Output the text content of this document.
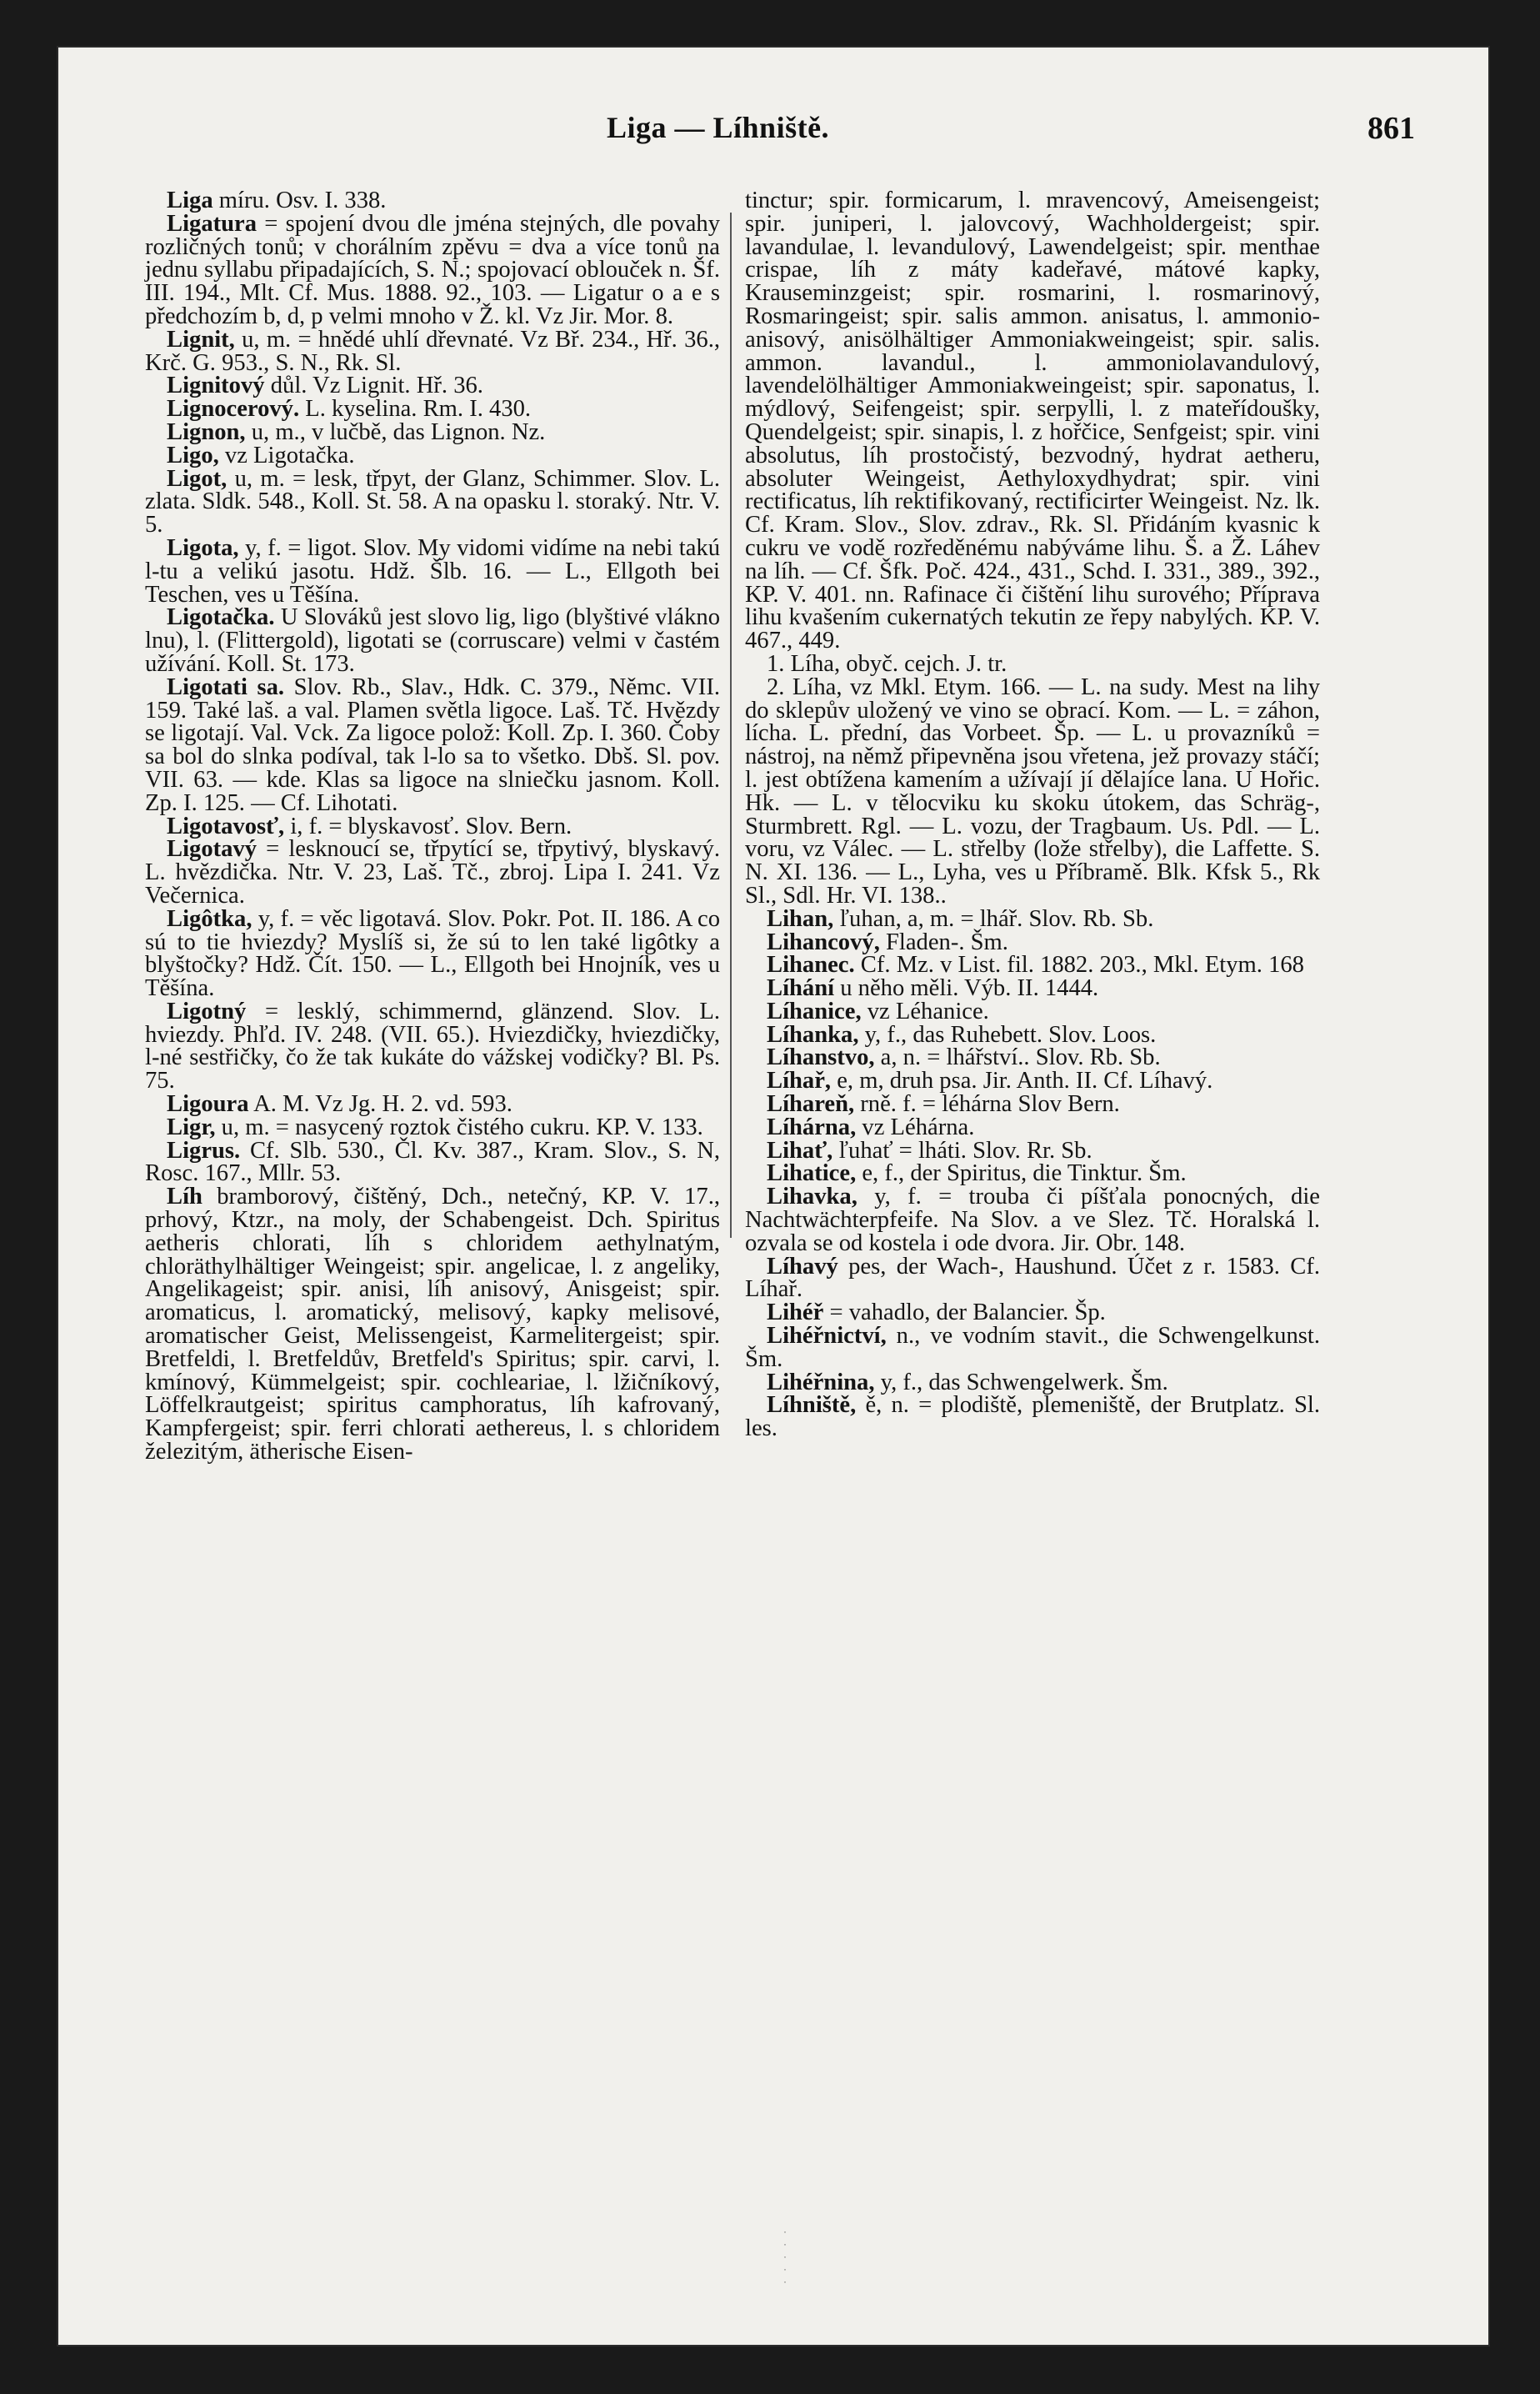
Liga — Líhniště.	861

Liga míru. Osv. I. 338.

Ligatura = spojení dvou dle jména stejných, dle povahy rozličných tonů; v chorálním zpěvu = dva a více tonů na jednu syllabu připadajících, S. N.; spojovací oblouček n. Šf. III. 194., Mlt. Cf. Mus. 1888. 92., 103. — Ligatur o a e s předchozím b, d, p velmi mnoho v Ž. kl. Vz Jir. Mor. 8.

Lignit, u, m. = hnědé uhlí dřevnaté. Vz Bř. 234., Hř. 36., Krč. G. 953., S. N., Rk. Sl.

Lignitový důl. Vz Lignit. Hř. 36.

Lignocerový. L. kyselina. Rm. I. 430.

Lignon, u, m., v lučbě, das Lignon. Nz.

Ligo, vz Ligotačka.

Ligot, u, m. = lesk, třpyt, der Glanz, Schimmer. Slov. L. zlata. Sldk. 548., Koll. St. 58. A na opasku l. storaký. Ntr. V. 5.

Ligota, y, f. = ligot. Slov. My vidomi vidíme na nebi takú l-tu a velikú jasotu. Hdž. Šlb. 16. — L., Ellgoth bei Teschen, ves u Těšína.

Ligotačka. U Slováků jest slovo lig, ligo (blyštivé vlákno lnu), l. (Flittergold), ligotati se (corruscare) velmi v častém užívání. Koll. St. 173.

Ligotati sa. Slov. Rb., Slav., Hdk. C. 379., Němc. VII. 159. Také laš. a val. Plamen světla ligoce. Laš. Tč. Hvězdy se ligotají. Val. Vck. Za ligoce polož: Koll. Zp. I. 360. Čoby sa bol do slnka podíval, tak l-lo sa to všetko. Dbš. Sl. pov. VII. 63. — kde. Klas sa ligoce na slniečku jasnom. Koll. Zp. I. 125. — Cf. Lihotati.

Ligotavosť, i, f. = blyskavosť. Slov. Bern.

Ligotavý = lesknoucí se, třpytící se, třpytivý, blyskavý. L. hvězdička. Ntr. V. 23, Laš. Tč., zbroj. Lipa I. 241. Vz Večernica.

Ligôtka, y, f. = věc ligotavá. Slov. Pokr. Pot. II. 186. A co sú to tie hviezdy? Myslíš si, že sú to len také ligôtky a blyštočky? Hdž. Čít. 150. — L., Ellgoth bei Hnojník, ves u Těšína.

Ligotný = lesklý, schimmernd, glänzend. Slov. L. hviezdy. Phľd. IV. 248. (VII. 65.). Hviezdičky, hviezdičky, l-né sestřičky, čo že tak kukáte do vážskej vodičky? Bl. Ps. 75.

Ligoura A. M. Vz Jg. H. 2. vd. 593.

Ligr, u, m. = nasycený roztok čistého cukru. KP. V. 133.

Ligrus. Cf. Slb. 530., Čl. Kv. 387., Kram. Slov., S. N, Rosc. 167., Mllr. 53.

Líh bramborový, čištěný, Dch., netečný, KP. V. 17., prhový, Ktzr., na moly, der Schabengeist. Dch. Spiritus aetheris chlorati, líh s chloridem aethylnatým, chloräthylhältiger Weingeist; spir. angelicae, l. z angeliky, Angelikageist; spir. anisi, líh anisový, Anisgeist; spir. aromaticus, l. aromatický, melisový, kapky melisové, aromatischer Geist, Melissengeist, Karmelitergeist; spir. Bretfeldi, l. Bretfeldův, Bretfeld's Spiritus; spir. carvi, l. kmínový, Kümmelgeist; spir. cochleariae, l. lžičníkový, Löffelkrautgeist; spiritus camphoratus, líh kafrovaný, Kampfergeist; spir. ferri chlorati aethereus, l. s chloridem železitým, ätherische Eisen-

tinctur; spir. formicarum, l. mravencový, Ameisengeist; spir. juniperi, l. jalovcový, Wachholdergeist; spir. lavandulae, l. levandulový, Lawendelgeist; spir. menthae crispae, líh z máty kadeřavé, mátové kapky, Krauseminzgeist; spir. rosmarini, l. rosmarinový, Rosmaringeist; spir. salis ammon. anisatus, l. ammonio-anisový, anisölhältiger Ammoniakweingeist; spir. salis. ammon. lavandul., l. ammoniolavandulový, lavendelölhältiger Ammoniakweingeist; spir. saponatus, l. mýdlový, Seifengeist; spir. serpylli, l. z mateřídoušky, Quendelgeist; spir. sinapis, l. z hořčice, Senfgeist; spir. vini absolutus, líh prostočistý, bezvodný, hydrat aetheru, absoluter Weingeist, Aethyloxydhydrat; spir. vini rectificatus, líh rektifikovaný, rectificirter Weingeist. Nz. lk. Cf. Kram. Slov., Slov. zdrav., Rk. Sl. Přidáním kvasnic k cukru ve vodě rozředěnému nabýváme lihu. Š. a Ž. Láhev na líh. — Cf. Šfk. Poč. 424., 431., Schd. I. 331., 389., 392., KP. V. 401. nn. Rafinace či čištění lihu surového; Příprava lihu kvašením cukernatých tekutin ze řepy nabylých. KP. V. 467., 449.

1. Líha, obyč. cejch. J. tr.

2. Líha, vz Mkl. Etym. 166. — L. na sudy. Mest na lihy do sklepův uložený ve vino se obrací. Kom. — L. = záhon, lícha. L. přední, das Vorbeet. Šp. — L. u provazníků = nástroj, na němž připevněna jsou vřetena, jež provazy stáčí; l. jest obtížena kamením a užívají jí dělajíce lana. U Hořic. Hk. — L. v tělocviku ku skoku útokem, das Schräg-, Sturmbrett. Rgl. — L. vozu, der Tragbaum. Us. Pdl. — L. voru, vz Válec. — L. střelby (lože střelby), die Laffette. S. N. XI. 136. — L., Lyha, ves u Příbramě. Blk. Kfsk 5., Rk Sl., Sdl. Hr. VI. 138..

Lihan, ľuhan, a, m. = lhář. Slov. Rb. Sb.

Lihancový, Fladen-. Šm.

Lihanec. Cf. Mz. v List. fil. 1882. 203., Mkl. Etym. 168

Líhání u něho měli. Výb. II. 1444.

Líhanice, vz Léhanice.

Líhanka, y, f., das Ruhebett. Slov. Loos.

Líhanstvo, a, n. = lhářství.. Slov. Rb. Sb.

Líhař, e, m, druh psa. Jir. Anth. II. Cf. Líhavý.

Líhareň, rně. f. = léhárna Slov Bern.

Líhárna, vz Léhárna.

Lihať, ľuhať = lháti. Slov. Rr. Sb.

Lihatice, e, f., der Spiritus, die Tinktur. Šm.

Lihavka, y, f. = trouba či píšťala ponocných, die Nachtwächterpfeife. Na Slov. a ve Slez. Tč. Horalská l. ozvala se od kostela i ode dvora. Jir. Obr. 148.

Líhavý pes, der Wach-, Haushund. Účet z r. 1583. Cf. Líhař.

Lihéř = vahadlo, der Balancier. Šp.

Lihéřnictví, n., ve vodním stavit., die Schwengelkunst. Šm.

Lihéřnina, y, f., das Schwengelwerk. Šm.

Líhniště, ě, n. = plodiště, plemeniště, der Brutplatz. Sl. les.

·
·
·
·
·
